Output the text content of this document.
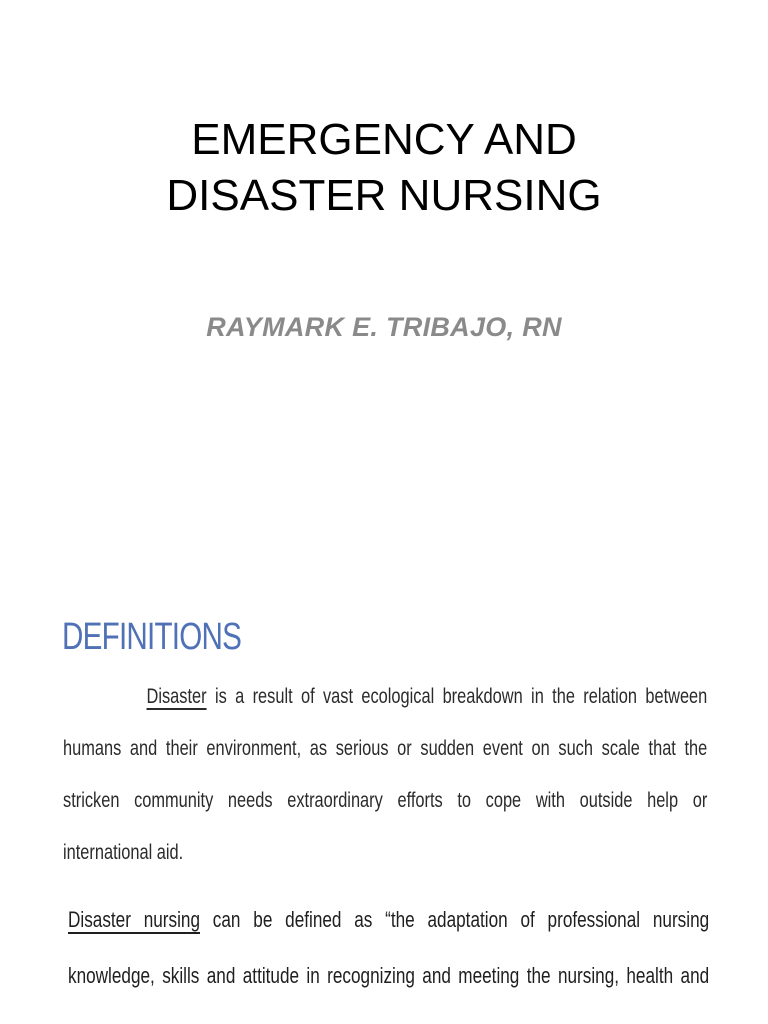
EMERGENCY AND
DISASTER NURSING
RAYMARK E. TRIBAJO, RN
DEFINITIONS
Disaster is a result of vast ecological breakdown in the relation between
humans and their environment, as serious or sudden event on such scale that the
stricken community needs extraordinary efforts to cope with outside help or
international aid.
Disaster nursing can be defined as “the adaptation of professional nursing
knowledge, skills and attitude in recognizing and meeting the nursing, health and
